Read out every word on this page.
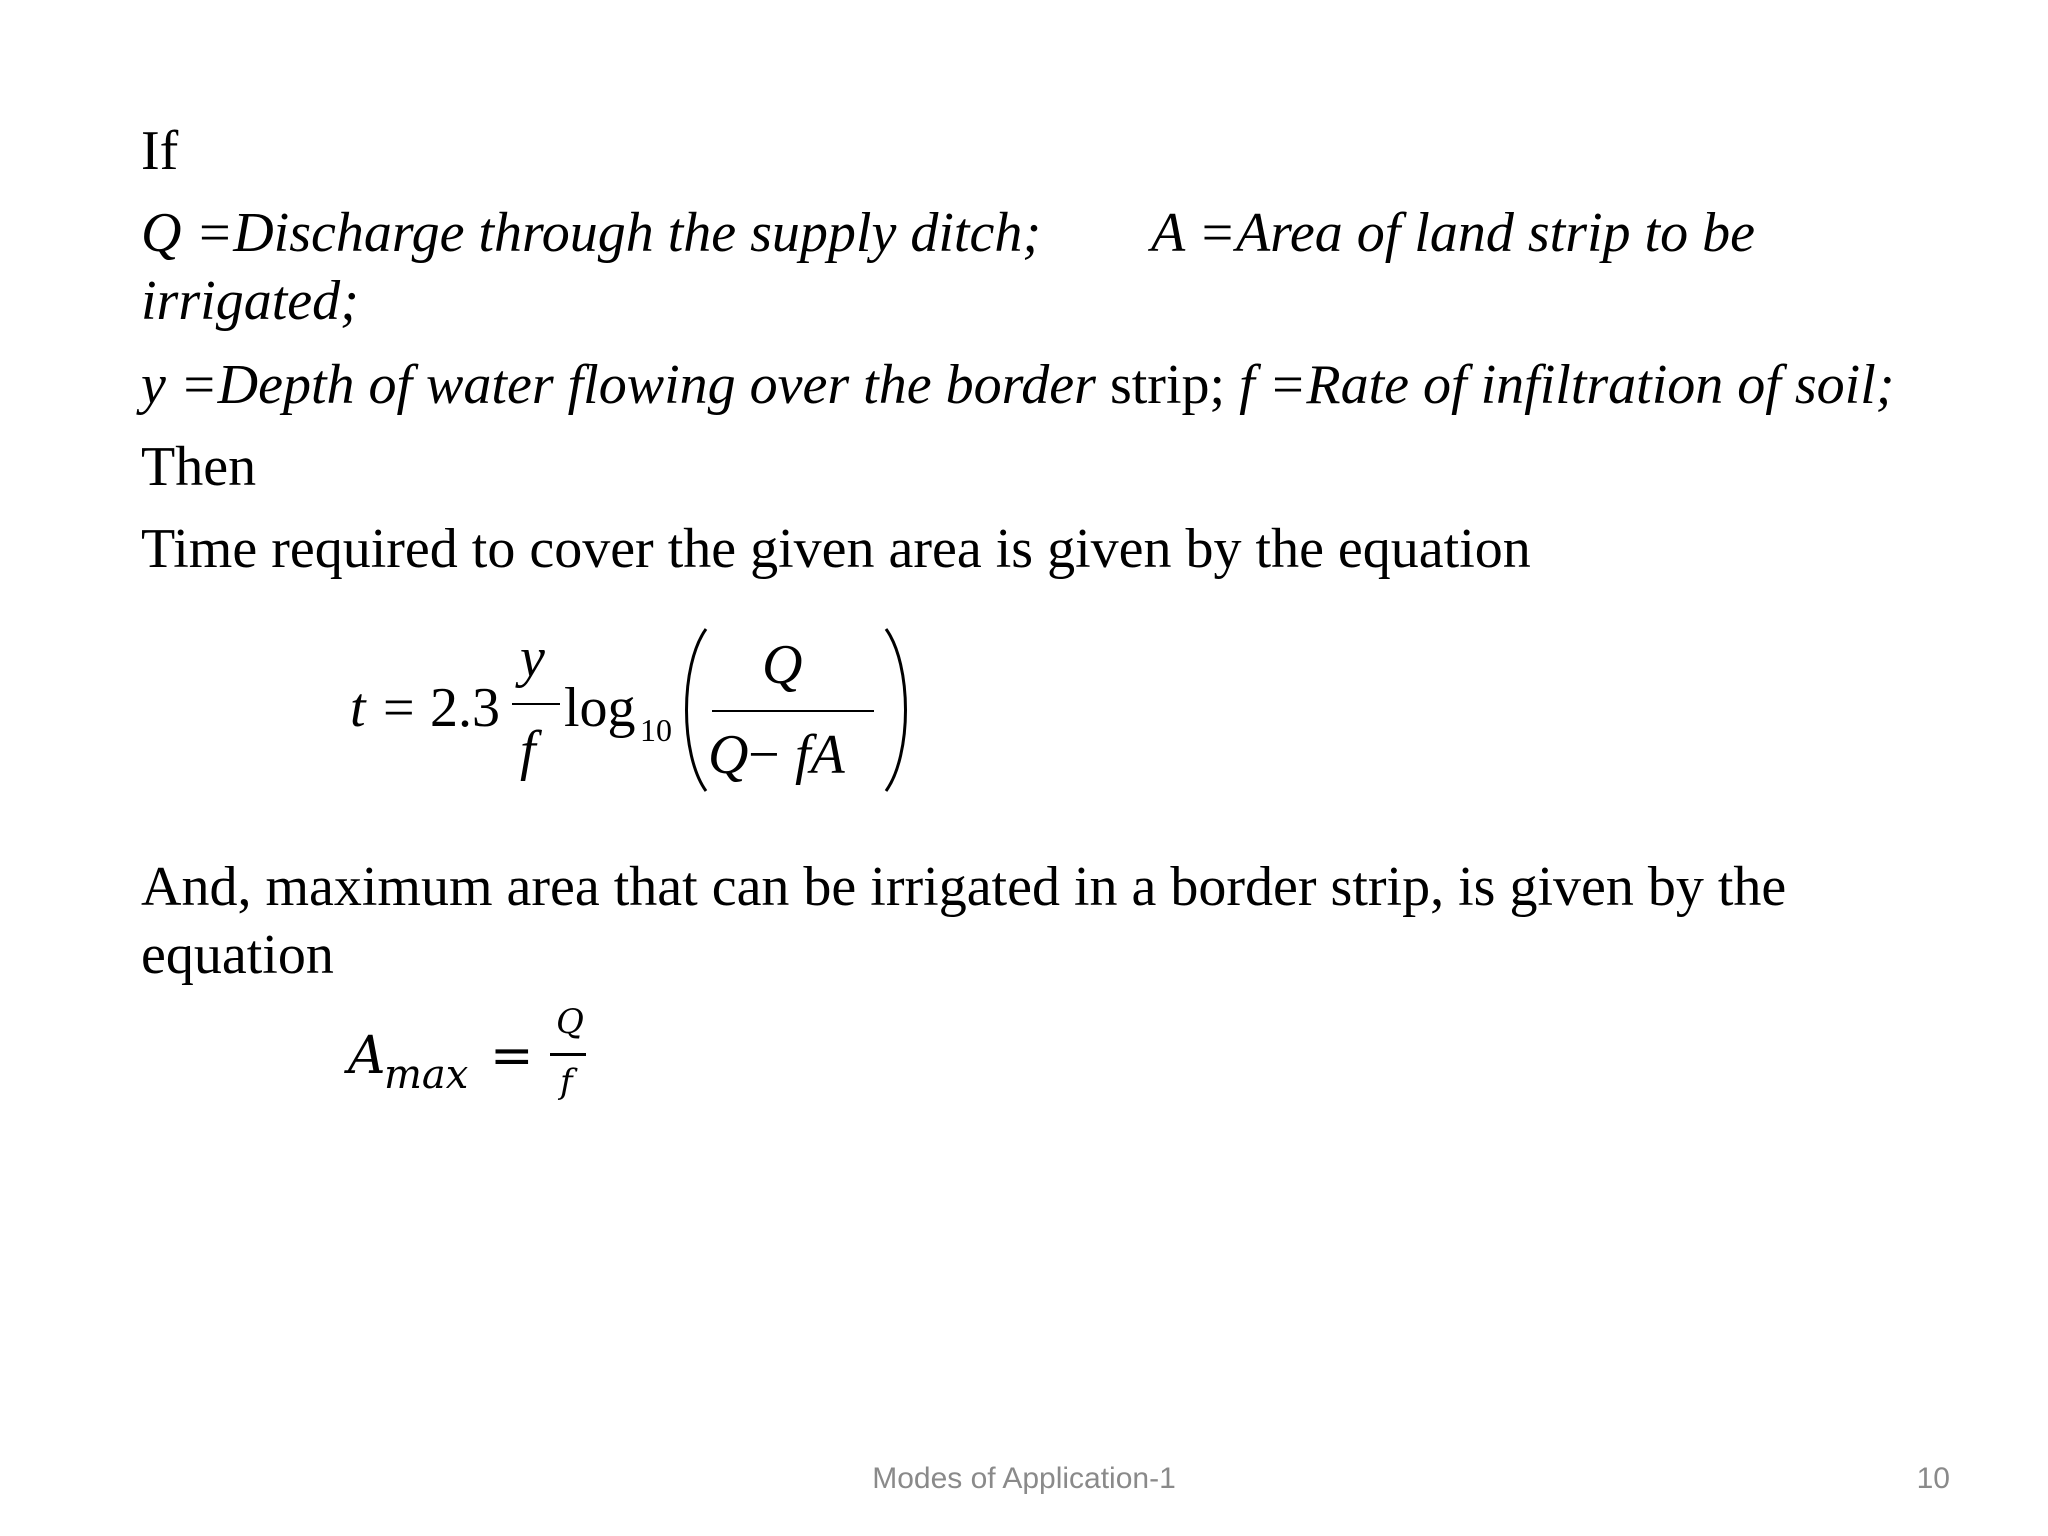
If
Q =Discharge through the supply ditch; A =Area of land strip to be
irrigated;
y =Depth of water flowing over the border strip; f =Rate of infiltration of soil;
Then
Time required to cover the given area is given by the equation
t = 2.3
y
f
log 10
Q
Q − fA
And, maximum area that can be irrigated in a border strip, is given by the
equation
A
max =
Q
f
Modes of Application-1	10
